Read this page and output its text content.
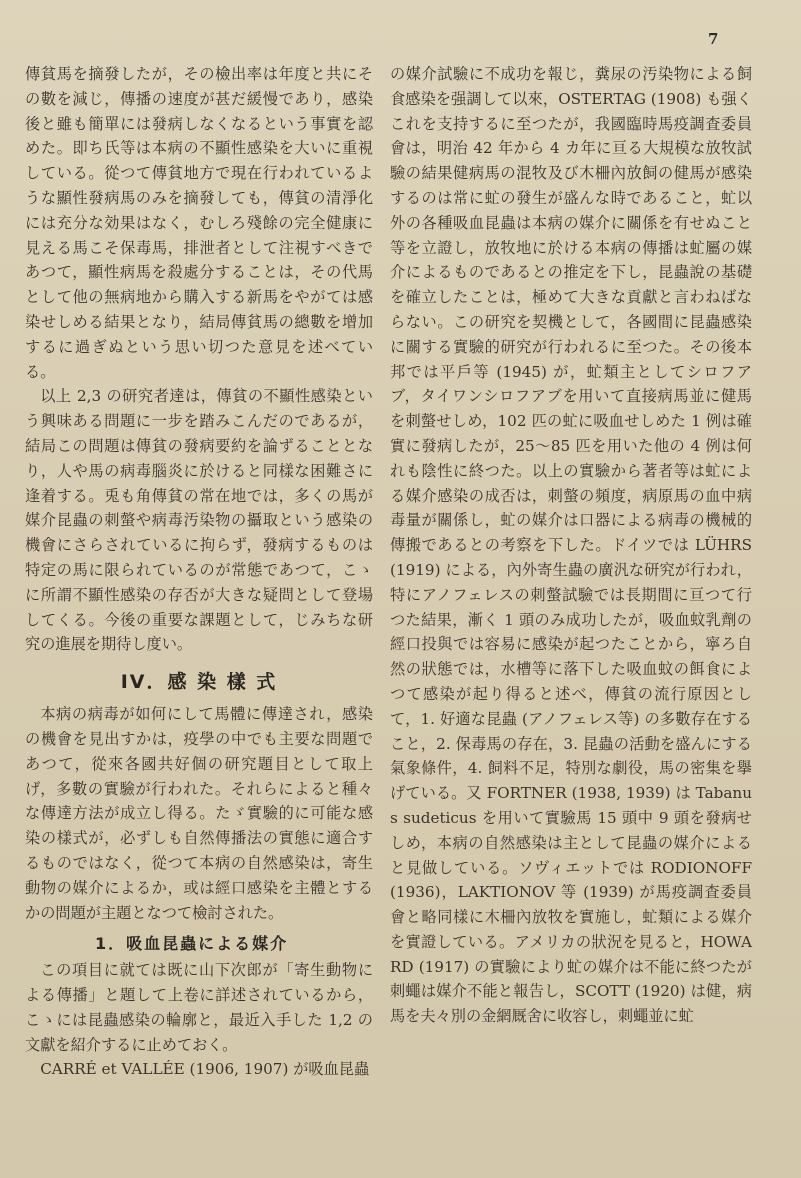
7

傳貧馬を摘發したが，その檢出率は年度と共にその數を減じ，傳播の速度が甚だ緩慢であり，感染後と雖も簡單には發病しなくなるという事實を認めた。即ち氏等は本病の不顯性感染を大いに重視している。從つて傳貧地方で現在行われているような顯性發病馬のみを摘發しても，傳貧の清淨化には充分な効果はなく，むしろ殘餘の完全健康に見える馬こそ保毒馬，排泄者として注視すべきであつて，顯性病馬を殺處分することは，その代馬として他の無病地から購入する新馬をやがては感染せしめる結果となり，結局傳貧馬の總數を增加するに過ぎぬという思い切つた意見を述べている。

以上 2,3 の研究者達は，傳貧の不顯性感染という興味ある問題に一步を踏みこんだのであるが，結局この問題は傳貧の發病要約を論ずることとなり，人や馬の病毒腦炎に於けると同樣な困難さに逢着する。兎も角傳貧の常在地では，多くの馬が媒介昆蟲の刺螫や病毒汚染物の攝取という感染の機會にさらされているに拘らず，發病するものは特定の馬に限られているのが常態であつて，こゝに所謂不顯性感染の存否が大きな疑問として登場してくる。今後の重要な課題として，じみちな研究の進展を期待し度い。

IV．感 染 樣 式

本病の病毒が如何にして馬體に傳達され，感染の機會を見出すかは，疫學の中でも主要な問題であつて，從來各國共好個の研究題目として取上げ，多數の實驗が行われた。それらによると種々な傳達方法が成立し得る。たゞ實驗的に可能な感染の樣式が，必ずしも自然傳播法の實態に適合するものではなく，從つて本病の自然感染は，寄生動物の媒介によるか，或は經口感染を主體とするかの問題が主題となつて檢討された。

1．吸血昆蟲による媒介

この項目に就ては既に山下次郎が「寄生動物による傳播」と題して上卷に詳述されているから，こゝには昆蟲感染の輪廓と，最近入手した 1,2 の文獻を紹介するに止めておく。

CARRÉ et VALLÉE (1906, 1907) が吸血昆蟲

の媒介試驗に不成功を報じ，糞尿の汚染物による飼食感染を强調して以來，OSTERTAG (1908) も强くこれを支持するに至つたが，我國臨時馬疫調査委員會は，明治 42 年から 4 カ年に亘る大規模な放牧試驗の結果健病馬の混牧及び木柵內放飼の健馬が感染するのは常に虻の發生が盛んな時であること，虻以外の各種吸血昆蟲は本病の媒介に關係を有せぬこと等を立證し，放牧地に於ける本病の傳播は虻屬の媒介によるものであるとの推定を下し，昆蟲說の基礎を確立したことは，極めて大きな貢獻と言わねばならない。この研究を契機として，各國間に昆蟲感染に關する實驗的研究が行われるに至つた。その後本邦では平戶等 (1945) が，虻類主としてシロフアブ，タイワンシロフアブを用いて直接病馬並に健馬を刺螫せしめ，102 匹の虻に吸血せしめた 1 例は確實に發病したが，25～85 匹を用いた他の 4 例は何れも陰性に終つた。以上の實驗から著者等は虻による媒介感染の成否は，刺螫の頻度，病原馬の血中病毒量が關係し，虻の媒介は口器による病毒の機械的傳搬であるとの考察を下した。ドイツでは LÜHRS(1919) による，內外寄生蟲の廣汎な研究が行われ，特にアノフェレスの刺螫試驗では長期間に亘つて行つた結果，漸く 1 頭のみ成功したが，吸血蚊乳劑の經口投與では容易に感染が起つたことから，寧ろ自然の狀態では，水槽等に落下した吸血蚊の餌食によつて感染が起り得ると述べ，傳貧の流行原因として，1. 好適な昆蟲 (アノフェレス等) の多數存在すること，2. 保毒馬の存在，3. 昆蟲の活動を盛んにする氣象條件，4. 飼料不足，特別な劇役，馬の密集を擧げている。又 FORTNER (1938, 1939) は Tabanus sudeticus を用いて實驗馬 15 頭中 9 頭を發病せしめ，本病の自然感染は主として昆蟲の媒介によると見做している。ソヴィエットでは RODIONOFF (1936)，LAKTIONOV 等 (1939) が馬疫調査委員會と略同樣に木柵內放牧を實施し，虻類による媒介を實證している。アメリカの狀況を見ると，HOWARD (1917) の實驗により虻の媒介は不能に終つたが刺蠅は媒介不能と報告し，SCOTT (1920) は健，病馬を夫々別の金網厩舍に收容し，刺蠅並に虻
